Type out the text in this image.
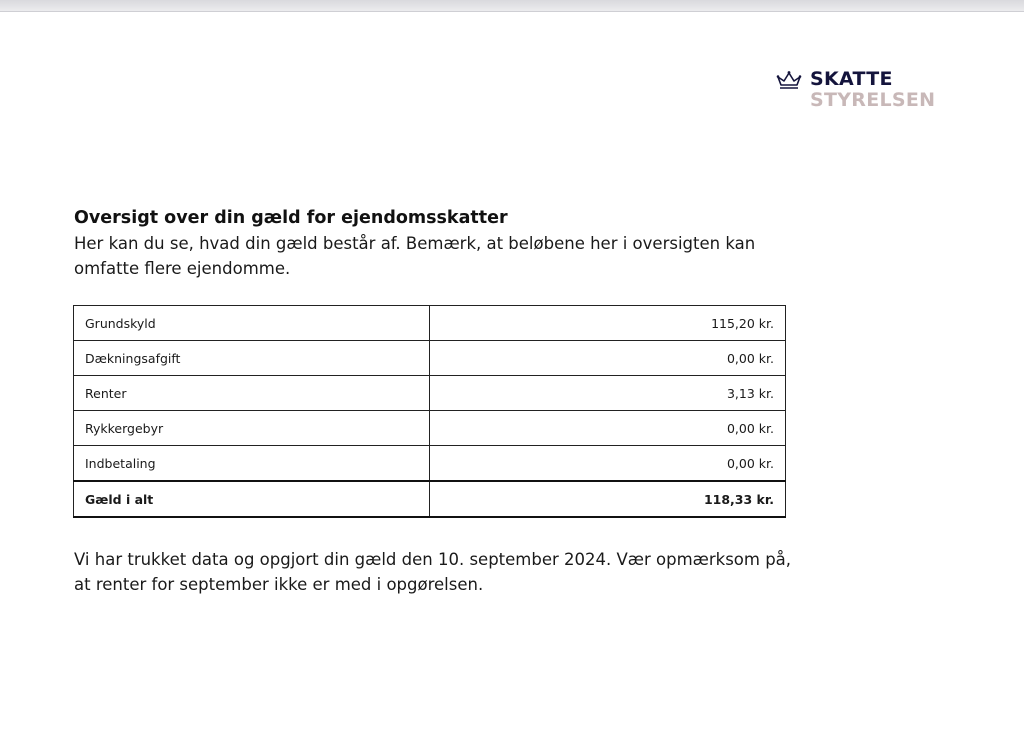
SKATTE
STYRELSEN
Oversigt over din gæld for ejendomsskatter

Her kan du se, hvad din gæld består af. Bemærk, at beløbene her i oversigten kan omfatte flere ejendomme.

Grundskyld	115,20 kr.
Dækningsafgift	0,00 kr.
Renter	3,13 kr.
Rykkergebyr	0,00 kr.
Indbetaling	0,00 kr.
Gæld i alt	118,33 kr.

Vi har trukket data og opgjort din gæld den 10. september 2024. Vær opmærksom på, at renter for september ikke er med i opgørelsen.
